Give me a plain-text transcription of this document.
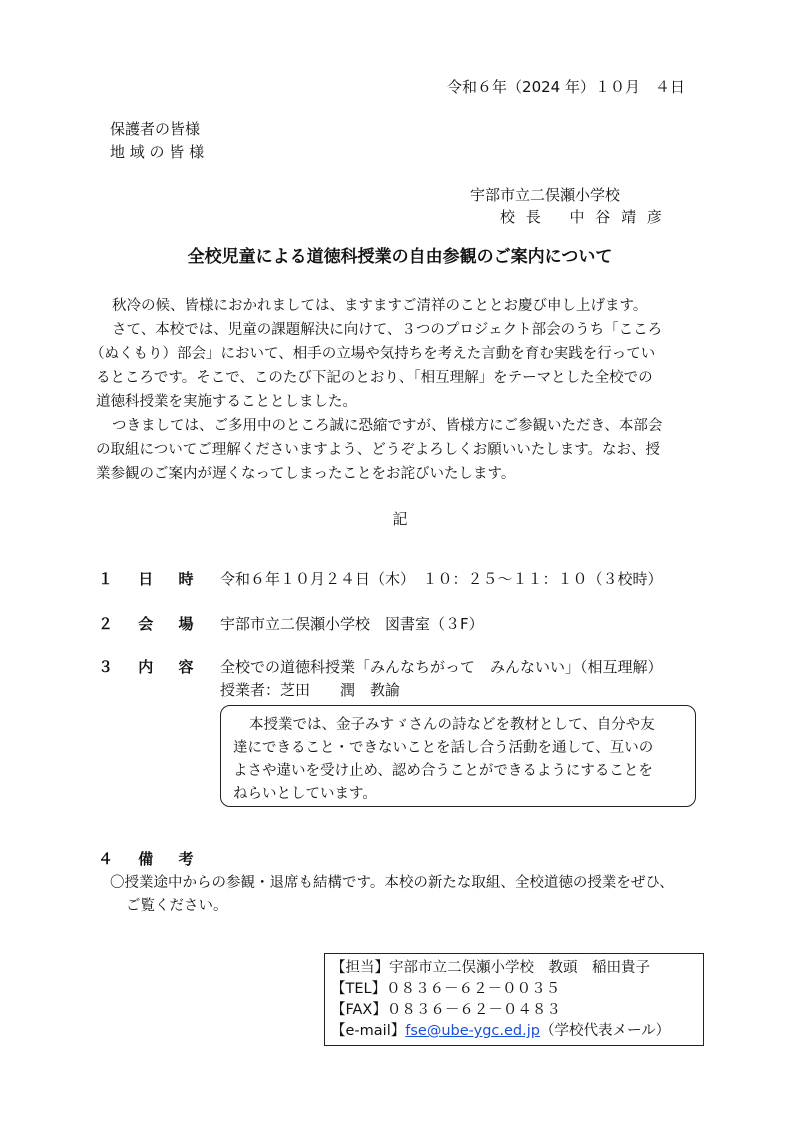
令和６年（2024 年）１０月　４日
保護者の皆様
地 域 の 皆 様
宇部市立二俣瀬小学校
校 長　 中 谷 靖 彦
全校児童による道徳科授業の自由参観のご案内について
秋冷の候、皆様におかれましては、ますますご清祥のこととお慶び申し上げます。
さて、本校では、児童の課題解決に向けて、３つのプロジェクト部会のうち「こころ
（ぬくもり）部会」において、相手の立場や気持ちを考えた言動を育む実践を行ってい
るところです。そこで、このたび下記のとおり、「相互理解」をテーマとした全校での
道徳科授業を実施することとしました。
つきましては、ご多用中のところ誠に恐縮ですが、皆様方にご参観いただき、本部会
の取組についてご理解くださいますよう、どうぞよろしくお願いいたします。なお、授
業参観のご案内が遅くなってしまったことをお詫びいたします。
記
１ 日 時 令和６年１０月２４日（木）　１０：２５～１１：１０（３校時）
２ 会 場 宇部市立二俣瀬小学校　図書室（３F）
３ 内 容 全校での道徳科授業「みんなちがって　みんないい」（相互理解）
授業者：芝田　　潤　教諭
本授業では、金子みすゞさんの詩などを教材として、自分や友
達にできること・できないことを話し合う活動を通して、互いの
よさや違いを受け止め、認め合うことができるようにすることを
ねらいとしています。
４ 備 考
〇授業途中からの参観・退席も結構です。本校の新たな取組、全校道徳の授業をぜひ、
ご覧ください。
【担当】宇部市立二俣瀬小学校　教頭　稲田貴子
【TEL】０８３６－６２－００３５
【FAX】０８３６－６２－０４８３
【e-mail】fse@ube-ygc.ed.jp（学校代表メール）
